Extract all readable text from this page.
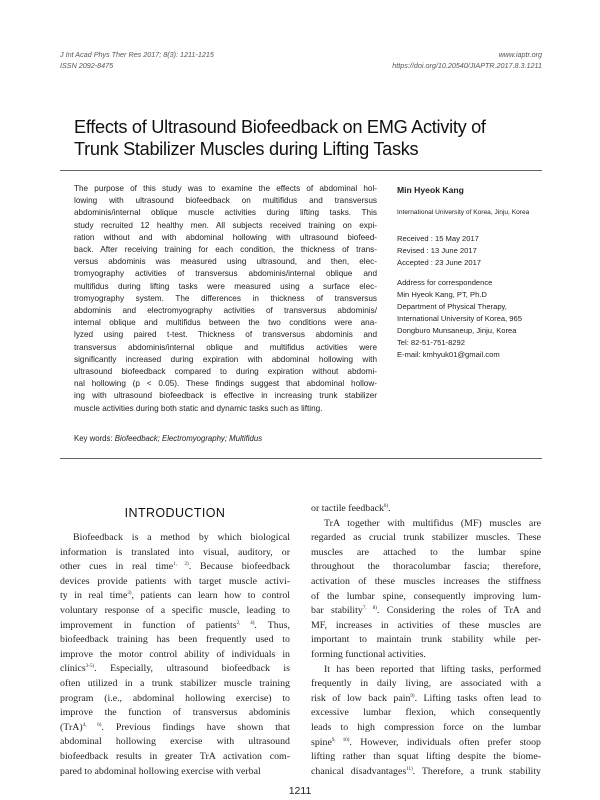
J Int Acad Phys Ther Res 2017; 8(3): 1211-1215
ISSN 2092-8475
www.iaptr.org
https://doi.org/10.20540/JIAPTR.2017.8.3.1211
Effects of Ultrasound Biofeedback on EMG Activity of
Trunk Stabilizer Muscles during Lifting Tasks
The purpose of this study was to examine the effects of abdominal hol-
lowing with ultrasound biofeedback on multifidus and transversus
abdominis/internal oblique muscle activities during lifting tasks. This
study recruited 12 healthy men. All subjects received training on expi-
ration without and with abdominal hollowing with ultrasound biofeed-
back. After receiving training for each condition, the thickness of trans-
versus abdominis was measured using ultrasound, and then, elec-
tromyography activities of transversus abdominis/internal oblique and
multifidus during lifting tasks were measured using a surface elec-
tromyography system. The differences in thickness of transversus
abdominis and electromyography activities of transversus abdominis/
internal oblique and multifidus between the two conditions were ana-
lyzed using paired t-test. Thickness of transversus abdominis and
transversus abdominis/internal oblique and multifidus activities were
significantly increased during expiration with abdominal hollowing with
ultrasound biofeedback compared to during expiration without abdomi-
nal hollowing (p < 0.05). These findings suggest that abdominal hollow-
ing with ultrasound biofeedback is effective in increasing trunk stabilizer
muscle activities during both static and dynamic tasks such as lifting.
Min Hyeok Kang
International University of Korea, Jinju, Korea
Received : 15 May 2017
Revised : 13 June 2017
Accepted : 23 June 2017
Address for correspondence
Min Hyeok Kang, PT, Ph.D
Department of Physical Therapy,
International University of Korea, 965
Dongburo Munsaneup, Jinju, Korea
Tel: 82-51-751-8292
E-mail: kmhyuk01@gmail.com
Key words: Biofeedback; Electromyography; Multifidus
INTRODUCTION
Biofeedback is a method by which biological
information is translated into visual, auditory, or
other cues in real time$^{1, 2)}$. Because biofeedback
devices provide patients with target muscle activi-
ty in real time$^{3)}$, patients can learn how to control
voluntary response of a specific muscle, leading to
improvement in function of patients$^{2, 4)}$. Thus,
biofeedback training has been frequently used to
improve the motor control ability of individuals in
clinics$^{3-5)}$. Especially, ultrasound biofeedback is
often utilized in a trunk stabilizer muscle training
program (i.e., abdominal hollowing exercise) to
improve the function of transversus abdominis
(TrA)$^{4, 6)}$. Previous findings have shown that
abdominal hollowing exercise with ultrasound
biofeedback results in greater TrA activation com-
pared to abdominal hollowing exercise with verbal
or tactile feedback$^{6)}$.
TrA together with multifidus (MF) muscles are
regarded as crucial trunk stabilizer muscles. These
muscles are attached to the lumbar spine
throughout the thoracolumbar fascia; therefore,
activation of these muscles increases the stiffness
of the lumbar spine, consequently improving lum-
bar stability$^{7, 8)}$. Considering the roles of TrA and
MF, increases in activities of these muscles are
important to maintain trunk stability while per-
forming functional activities.
It has been reported that lifting tasks, performed
frequently in daily living, are associated with a
risk of low back pain$^{9)}$. Lifting tasks often lead to
excessive lumbar flexion, which consequently
leads to high compression force on the lumbar
spine$^{9, 10)}$. However, individuals often prefer stoop
lifting rather than squat lifting despite the biome-
chanical disadvantages$^{11)}$. Therefore, a trunk stability
1211
